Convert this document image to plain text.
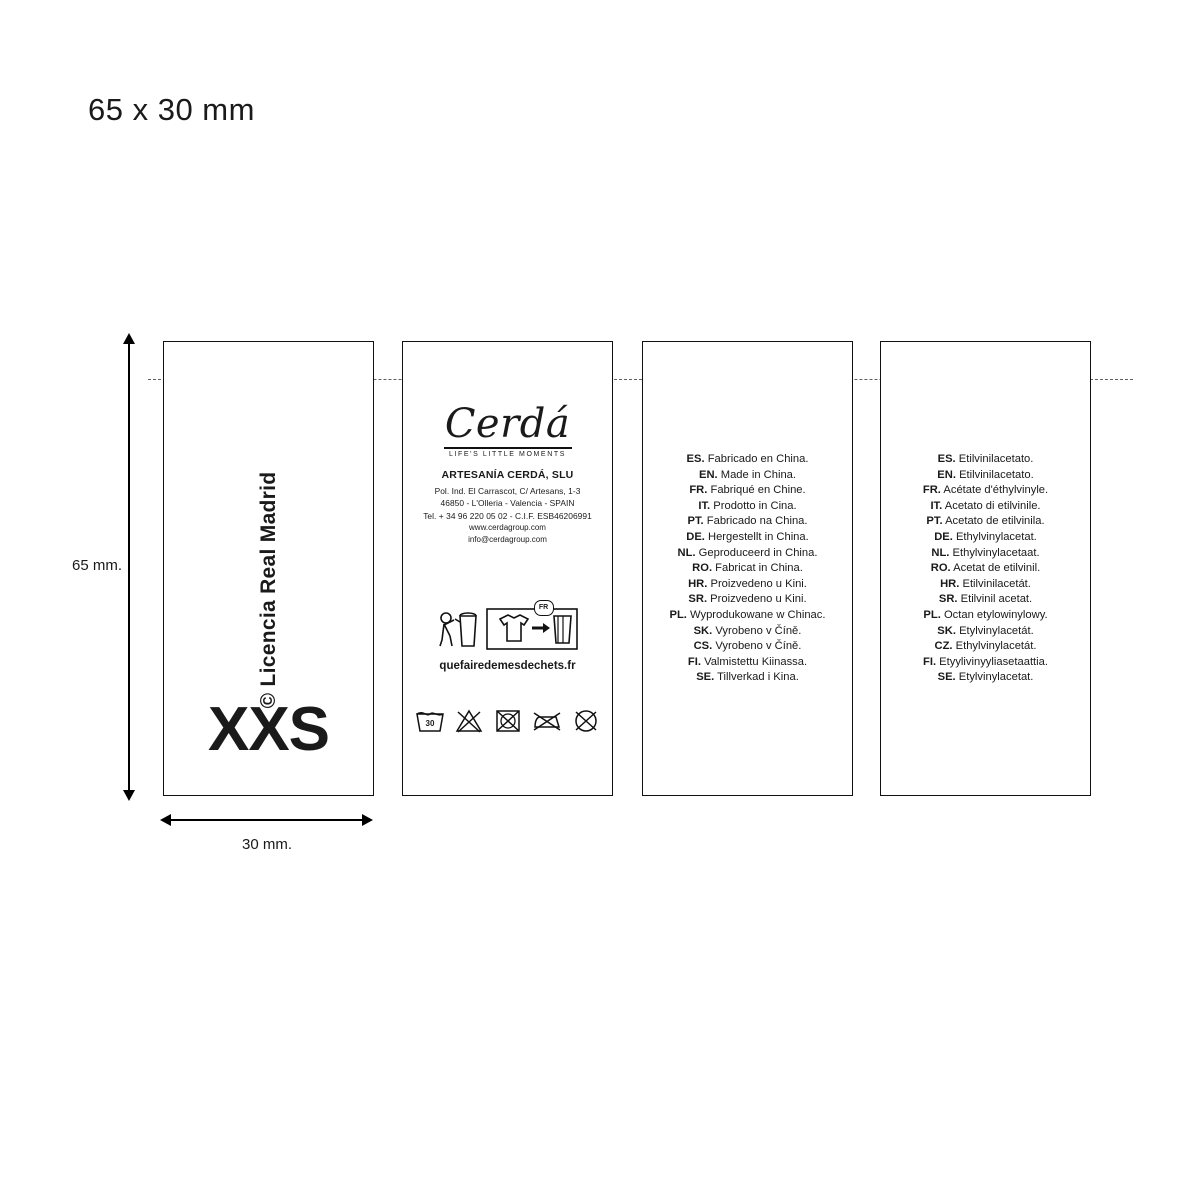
65 x 30 mm
65 mm.
30 mm.
© Licencia Real Madrid
XXS
Cerdá
LIFE'S LITTLE MOMENTS
ARTESANÍA CERDÁ, SLU
Pol. Ind. El Carrascot, C/ Artesans, 1-3
46850 - L'Olleria - Valencia - SPAIN
Tel. + 34 96 220 05 02 - C.I.F. ESB46206991
www.cerdagroup.com
info@cerdagroup.com
FR
quefairedemesdechets.fr
30
ES. Fabricado en China.
EN. Made in China.
FR. Fabriqué en Chine.
IT. Prodotto in Cina.
PT. Fabricado na China.
DE. Hergestellt in China.
NL. Geproduceerd in China.
RO. Fabricat in China.
HR. Proizvedeno u Kini.
SR. Proizvedeno u Kini.
PL. Wyprodukowane w Chinac.
SK. Vyrobeno v Číně.
CS. Vyrobeno v Číně.
FI. Valmistettu Kiinassa.
SE. Tillverkad i Kina.
ES. Etilvinilacetato.
EN. Etilvinilacetato.
FR. Acétate d'éthylvinyle.
IT. Acetato di etilvinile.
PT. Acetato de etilvinila.
DE. Ethylvinylacetat.
NL. Ethylvinylacetaat.
RO. Acetat de etilvinil.
HR. Etilvinilacetát.
SR. Etilvinil acetat.
PL. Octan etylowinylowy.
SK. Etylvinylacetát.
CZ. Ethylvinylacetát.
FI. Etyylivinyyliasetaattia.
SE. Etylvinylacetat.
